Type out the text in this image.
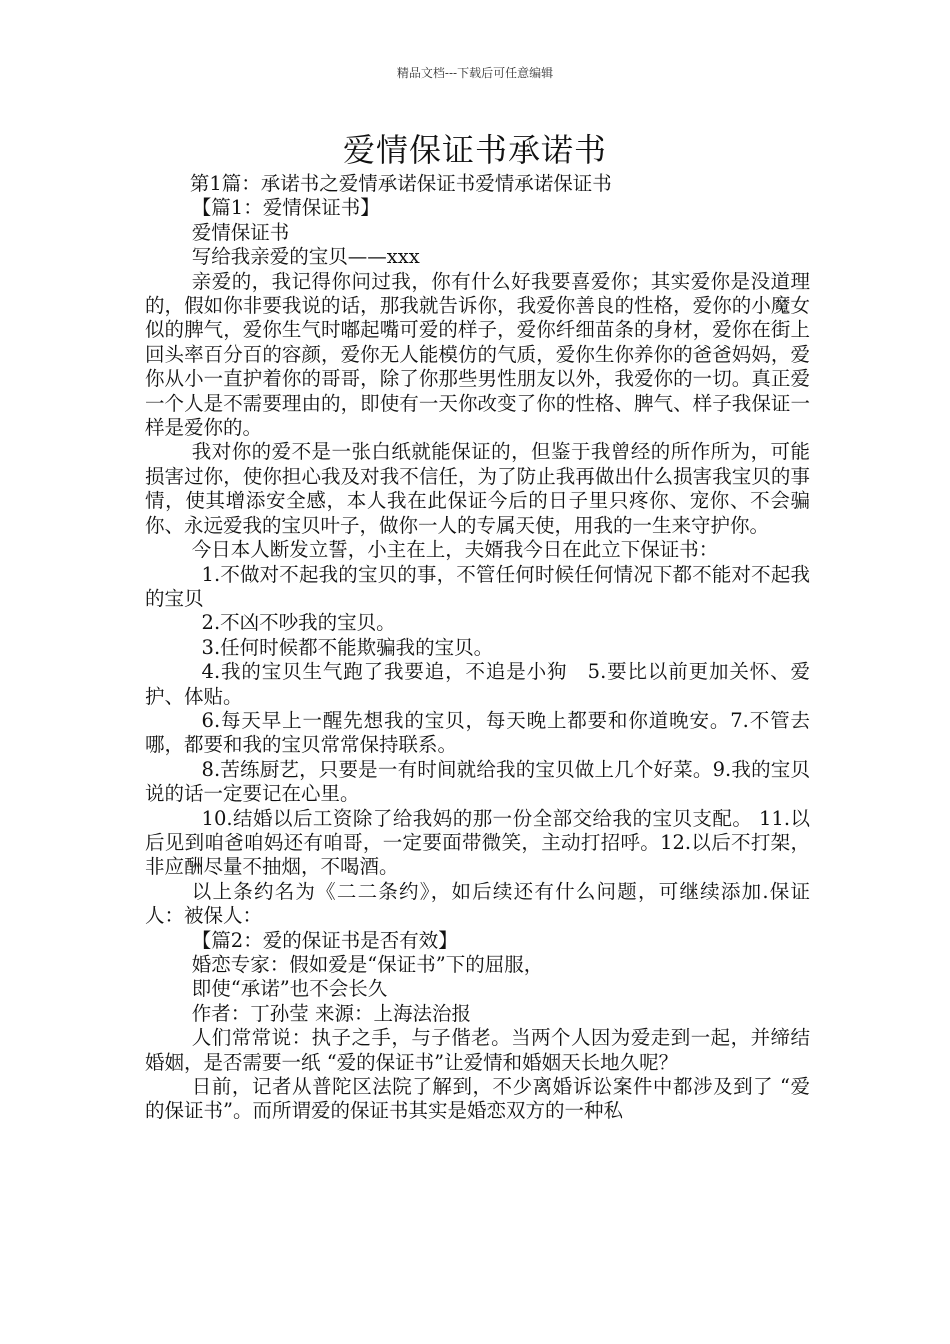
精品文档---下载后可任意编辑
爱情保证书承诺书

第1篇：承诺书之爱情承诺保证书爱情承诺保证书

【篇1：爱情保证书】

爱情保证书

写给我亲爱的宝贝——xxx

亲爱的，我记得你问过我，你有什么好我要喜爱你；其实爱你是没道理的，假如你非要我说的话，那我就告诉你，我爱你善良的性格，爱你的小魔女似的脾气，爱你生气时嘟起嘴可爱的样子，爱你纤细苗条的身材，爱你在街上回头率百分百的容颜，爱你无人能模仿的气质，爱你生你养你的爸爸妈妈，爱你从小一直护着你的哥哥，除了你那些男性朋友以外，我爱你的一切。真正爱一个人是不需要理由的，即使有一天你改变了你的性格、脾气、样子我保证一样是爱你的。

我对你的爱不是一张白纸就能保证的，但鉴于我曾经的所作所为，可能损害过你，使你担心我及对我不信任，为了防止我再做出什么损害我宝贝的事情，使其增添安全感，本人我在此保证今后的日子里只疼你、宠你、不会骗你、永远爱我的宝贝叶子，做你一人的专属天使，用我的一生来守护你。

今日本人断发立誓，小主在上，夫婿我今日在此立下保证书：

1.不做对不起我的宝贝的事，不管任何时候任何情况下都不能对不起我的宝贝

2.不凶不吵我的宝贝。

3.任何时候都不能欺骗我的宝贝。

4.我的宝贝生气跑了我要追，不追是小狗　5.要比以前更加关怀、爱护、体贴。

6.每天早上一醒先想我的宝贝，每天晚上都要和你道晚安。7.不管去哪，都要和我的宝贝常常保持联系。

8.苦练厨艺，只要是一有时间就给我的宝贝做上几个好菜。9.我的宝贝说的话一定要记在心里。

10.结婚以后工资除了给我妈的那一份全部交给我的宝贝支配。 11.以后见到咱爸咱妈还有咱哥，一定要面带微笑，主动打招呼。12.以后不打架，非应酬尽量不抽烟，不喝酒。

以上条约名为《二二条约》，如后续还有什么问题，可继续添加.保证人：被保人：

【篇2：爱的保证书是否有效】

婚恋专家：假如爱是“保证书”下的屈服，

即使“承诺”也不会长久

作者：丁孙莹 来源：上海法治报

人们常常说：执子之手，与子偕老。当两个人因为爱走到一起，并缔结婚姻，是否需要一纸 “爱的保证书”让爱情和婚姻天长地久呢？

日前，记者从普陀区法院了解到，不少离婚诉讼案件中都涉及到了 “爱的保证书”。而所谓爱的保证书其实是婚恋双方的一种私
